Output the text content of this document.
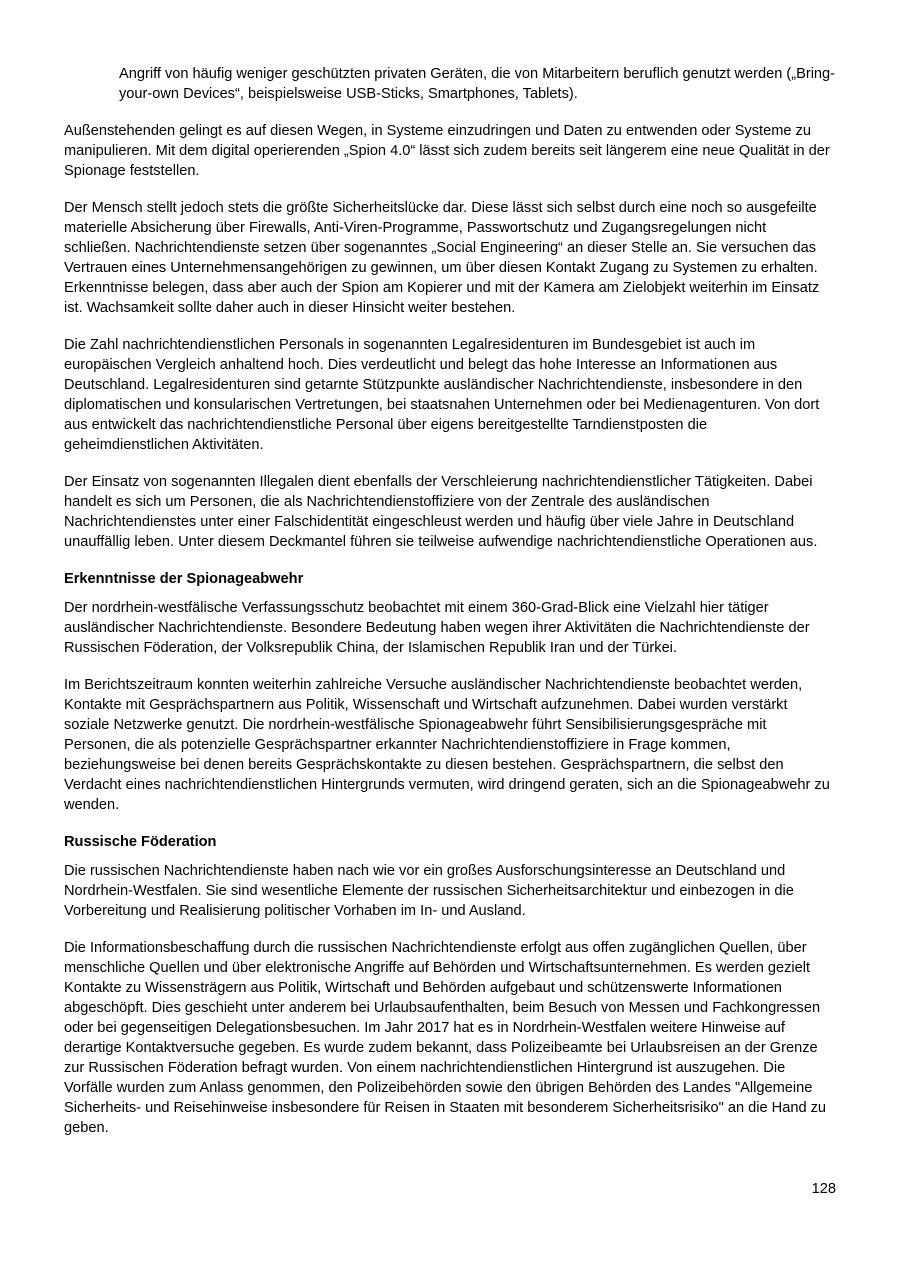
Angriff von häufig weniger geschützten privaten Geräten, die von Mitarbeitern beruflich genutzt werden („Bring-your-own Devices“, beispielsweise USB-Sticks, Smartphones, Tablets).

Außenstehenden gelingt es auf diesen Wegen, in Systeme einzudringen und Daten zu entwenden oder Systeme zu manipulieren. Mit dem digital operierenden „Spion 4.0“ lässt sich zudem bereits seit längerem eine neue Qualität in der Spionage feststellen.

Der Mensch stellt jedoch stets die größte Sicherheitslücke dar. Diese lässt sich selbst durch eine noch so ausgefeilte materielle Absicherung über Firewalls, Anti-Viren-Programme, Passwortschutz und Zugangsregelungen nicht schließen. Nachrichtendienste setzen über sogenanntes „Social Engineering“ an dieser Stelle an. Sie versuchen das Vertrauen eines Unternehmensangehörigen zu gewinnen, um über diesen Kontakt Zugang zu Systemen zu erhalten. Erkenntnisse belegen, dass aber auch der Spion am Kopierer und mit der Kamera am Zielobjekt weiterhin im Einsatz ist. Wachsamkeit sollte daher auch in dieser Hinsicht weiter bestehen.

Die Zahl nachrichtendienstlichen Personals in sogenannten Legalresidenturen im Bundesgebiet ist auch im europäischen Vergleich anhaltend hoch. Dies verdeutlicht und belegt das hohe Interesse an Informationen aus Deutschland. Legalresidenturen sind getarnte Stützpunkte ausländischer Nachrichtendienste, insbesondere in den diplomatischen und konsularischen Vertretungen, bei staatsnahen Unternehmen oder bei Medienagenturen. Von dort aus entwickelt das nachrichtendienstliche Personal über eigens bereitgestellte Tarndienstposten die geheimdienstlichen Aktivitäten.

Der Einsatz von sogenannten Illegalen dient ebenfalls der Verschleierung nachrichtendienstlicher Tätigkeiten. Dabei handelt es sich um Personen, die als Nachrichtendienstoffiziere von der Zentrale des ausländischen Nachrichtendienstes unter einer Falschidentität eingeschleust werden und häufig über viele Jahre in Deutschland unauffällig leben. Unter diesem Deckmantel führen sie teilweise aufwendige nachrichtendienstliche Operationen aus.

Erkenntnisse der Spionageabwehr

Der nordrhein-westfälische Verfassungsschutz beobachtet mit einem 360-Grad-Blick eine Vielzahl hier tätiger ausländischer Nachrichtendienste. Besondere Bedeutung haben wegen ihrer Aktivitäten die Nachrichtendienste der Russischen Föderation, der Volksrepublik China, der Islamischen Republik Iran und der Türkei.

Im Berichtszeitraum konnten weiterhin zahlreiche Versuche ausländischer Nachrichtendienste beobachtet werden, Kontakte mit Gesprächspartnern aus Politik, Wissenschaft und Wirtschaft aufzunehmen. Dabei wurden verstärkt soziale Netzwerke genutzt. Die nordrhein-westfälische Spionageabwehr führt Sensibilisierungsgespräche mit Personen, die als potenzielle Gesprächspartner erkannter Nachrichtendienstoffiziere in Frage kommen, beziehungsweise bei denen bereits Gesprächskontakte zu diesen bestehen. Gesprächspartnern, die selbst den Verdacht eines nachrichtendienstlichen Hintergrunds vermuten, wird dringend geraten, sich an die Spionageabwehr zu wenden.

Russische Föderation

Die russischen Nachrichtendienste haben nach wie vor ein großes Ausforschungsinteresse an Deutschland und Nordrhein-Westfalen. Sie sind wesentliche Elemente der russischen Sicherheitsarchitektur und einbezogen in die Vorbereitung und Realisierung politischer Vorhaben im In- und Ausland.

Die Informationsbeschaffung durch die russischen Nachrichtendienste erfolgt aus offen zugänglichen Quellen, über menschliche Quellen und über elektronische Angriffe auf Behörden und Wirtschaftsunternehmen. Es werden gezielt Kontakte zu Wissensträgern aus Politik, Wirtschaft und Behörden aufgebaut und schützenswerte Informationen abgeschöpft. Dies geschieht unter anderem bei Urlaubsaufenthalten, beim Besuch von Messen und Fachkongressen oder bei gegenseitigen Delegationsbesuchen. Im Jahr 2017 hat es in Nordrhein-Westfalen weitere Hinweise auf derartige Kontaktversuche gegeben. Es wurde zudem bekannt, dass Polizeibeamte bei Urlaubsreisen an der Grenze zur Russischen Föderation befragt wurden. Von einem nachrichtendienstlichen Hintergrund ist auszugehen. Die Vorfälle wurden zum Anlass genommen, den Polizeibehörden sowie den übrigen Behörden des Landes "Allgemeine Sicherheits- und Reisehinweise insbesondere für Reisen in Staaten mit besonderem Sicherheitsrisiko" an die Hand zu geben.

128
